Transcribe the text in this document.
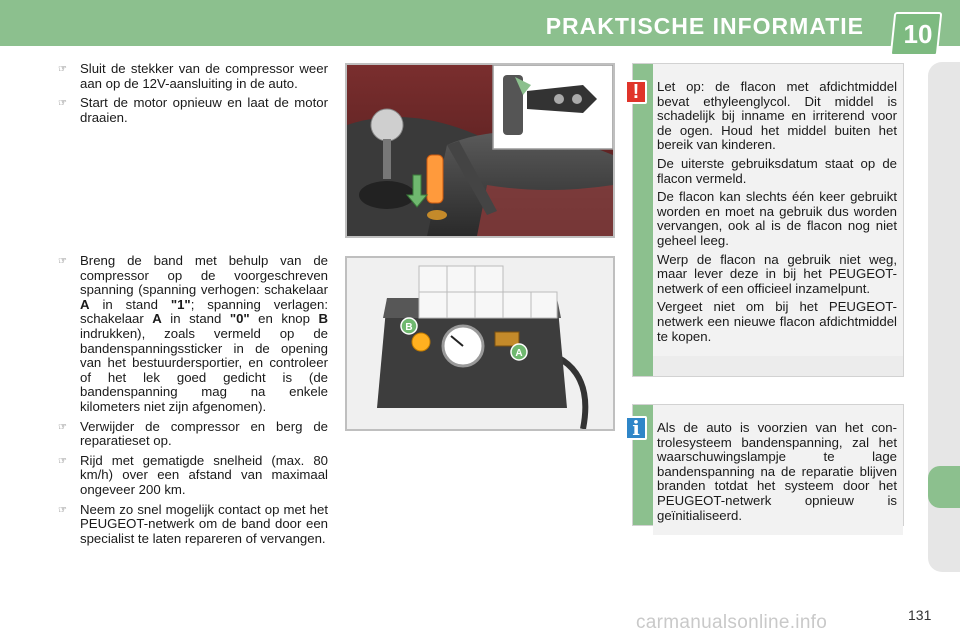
PRAKTISCHE INFORMATIE	10
☞ Sluit de stekker van de compressor weer aan op de 12V-aansluiting in de auto.
☞ Start de motor opnieuw en laat de motor draaien.
☞ Breng de band met behulp van de compressor op de voorgeschreven spanning (spanning verhogen: schakelaar A in stand "1"; spanning verlagen: schakelaar A in stand "0" en knop B indrukken), zoals vermeld op de bandenspanningssticker in de opening van het bestuurdersportier, en controleer of het lek goed gedicht is (de bandenspanning mag na enkele kilometers niet zijn afgenomen).
☞ Verwijder de compressor en berg de reparatieset op.
☞ Rijd met gematigde snelheid (max. 80 km/h) over een afstand van maximaal ongeveer 200 km.
☞ Neem zo snel mogelijk contact op met het PEUGEOT-netwerk om de band door een specialist te laten repareren of vervangen.
B
A

Let op: de flacon met afdichtmiddel bevat ethyleenglycol. Dit middel is schadelijk bij inname en irriterend voor de ogen. Houd het middel buiten het bereik van kinderen.

De uiterste gebruiksdatum staat op de flacon vermeld.

De flacon kan slechts één keer gebruikt worden en moet na gebruik dus worden vervangen, ook al is de flacon nog niet geheel leeg.

Werp de flacon na gebruik niet weg, maar lever deze in bij het PEUGEOT-netwerk of een officieel inzamelpunt.

Vergeet niet om bij het PEUGEOT-netwerk een nieuwe flacon afdichtmiddel te kopen.

!

Als de auto is voorzien van het controlesysteem bandenspanning, zal het waarschuwingslampje te lage bandenspanning na de reparatie blijven branden totdat het systeem door het PEUGEOT-netwerk opnieuw is geïnitialiseerd.

i
131
carmanualsonline.info
